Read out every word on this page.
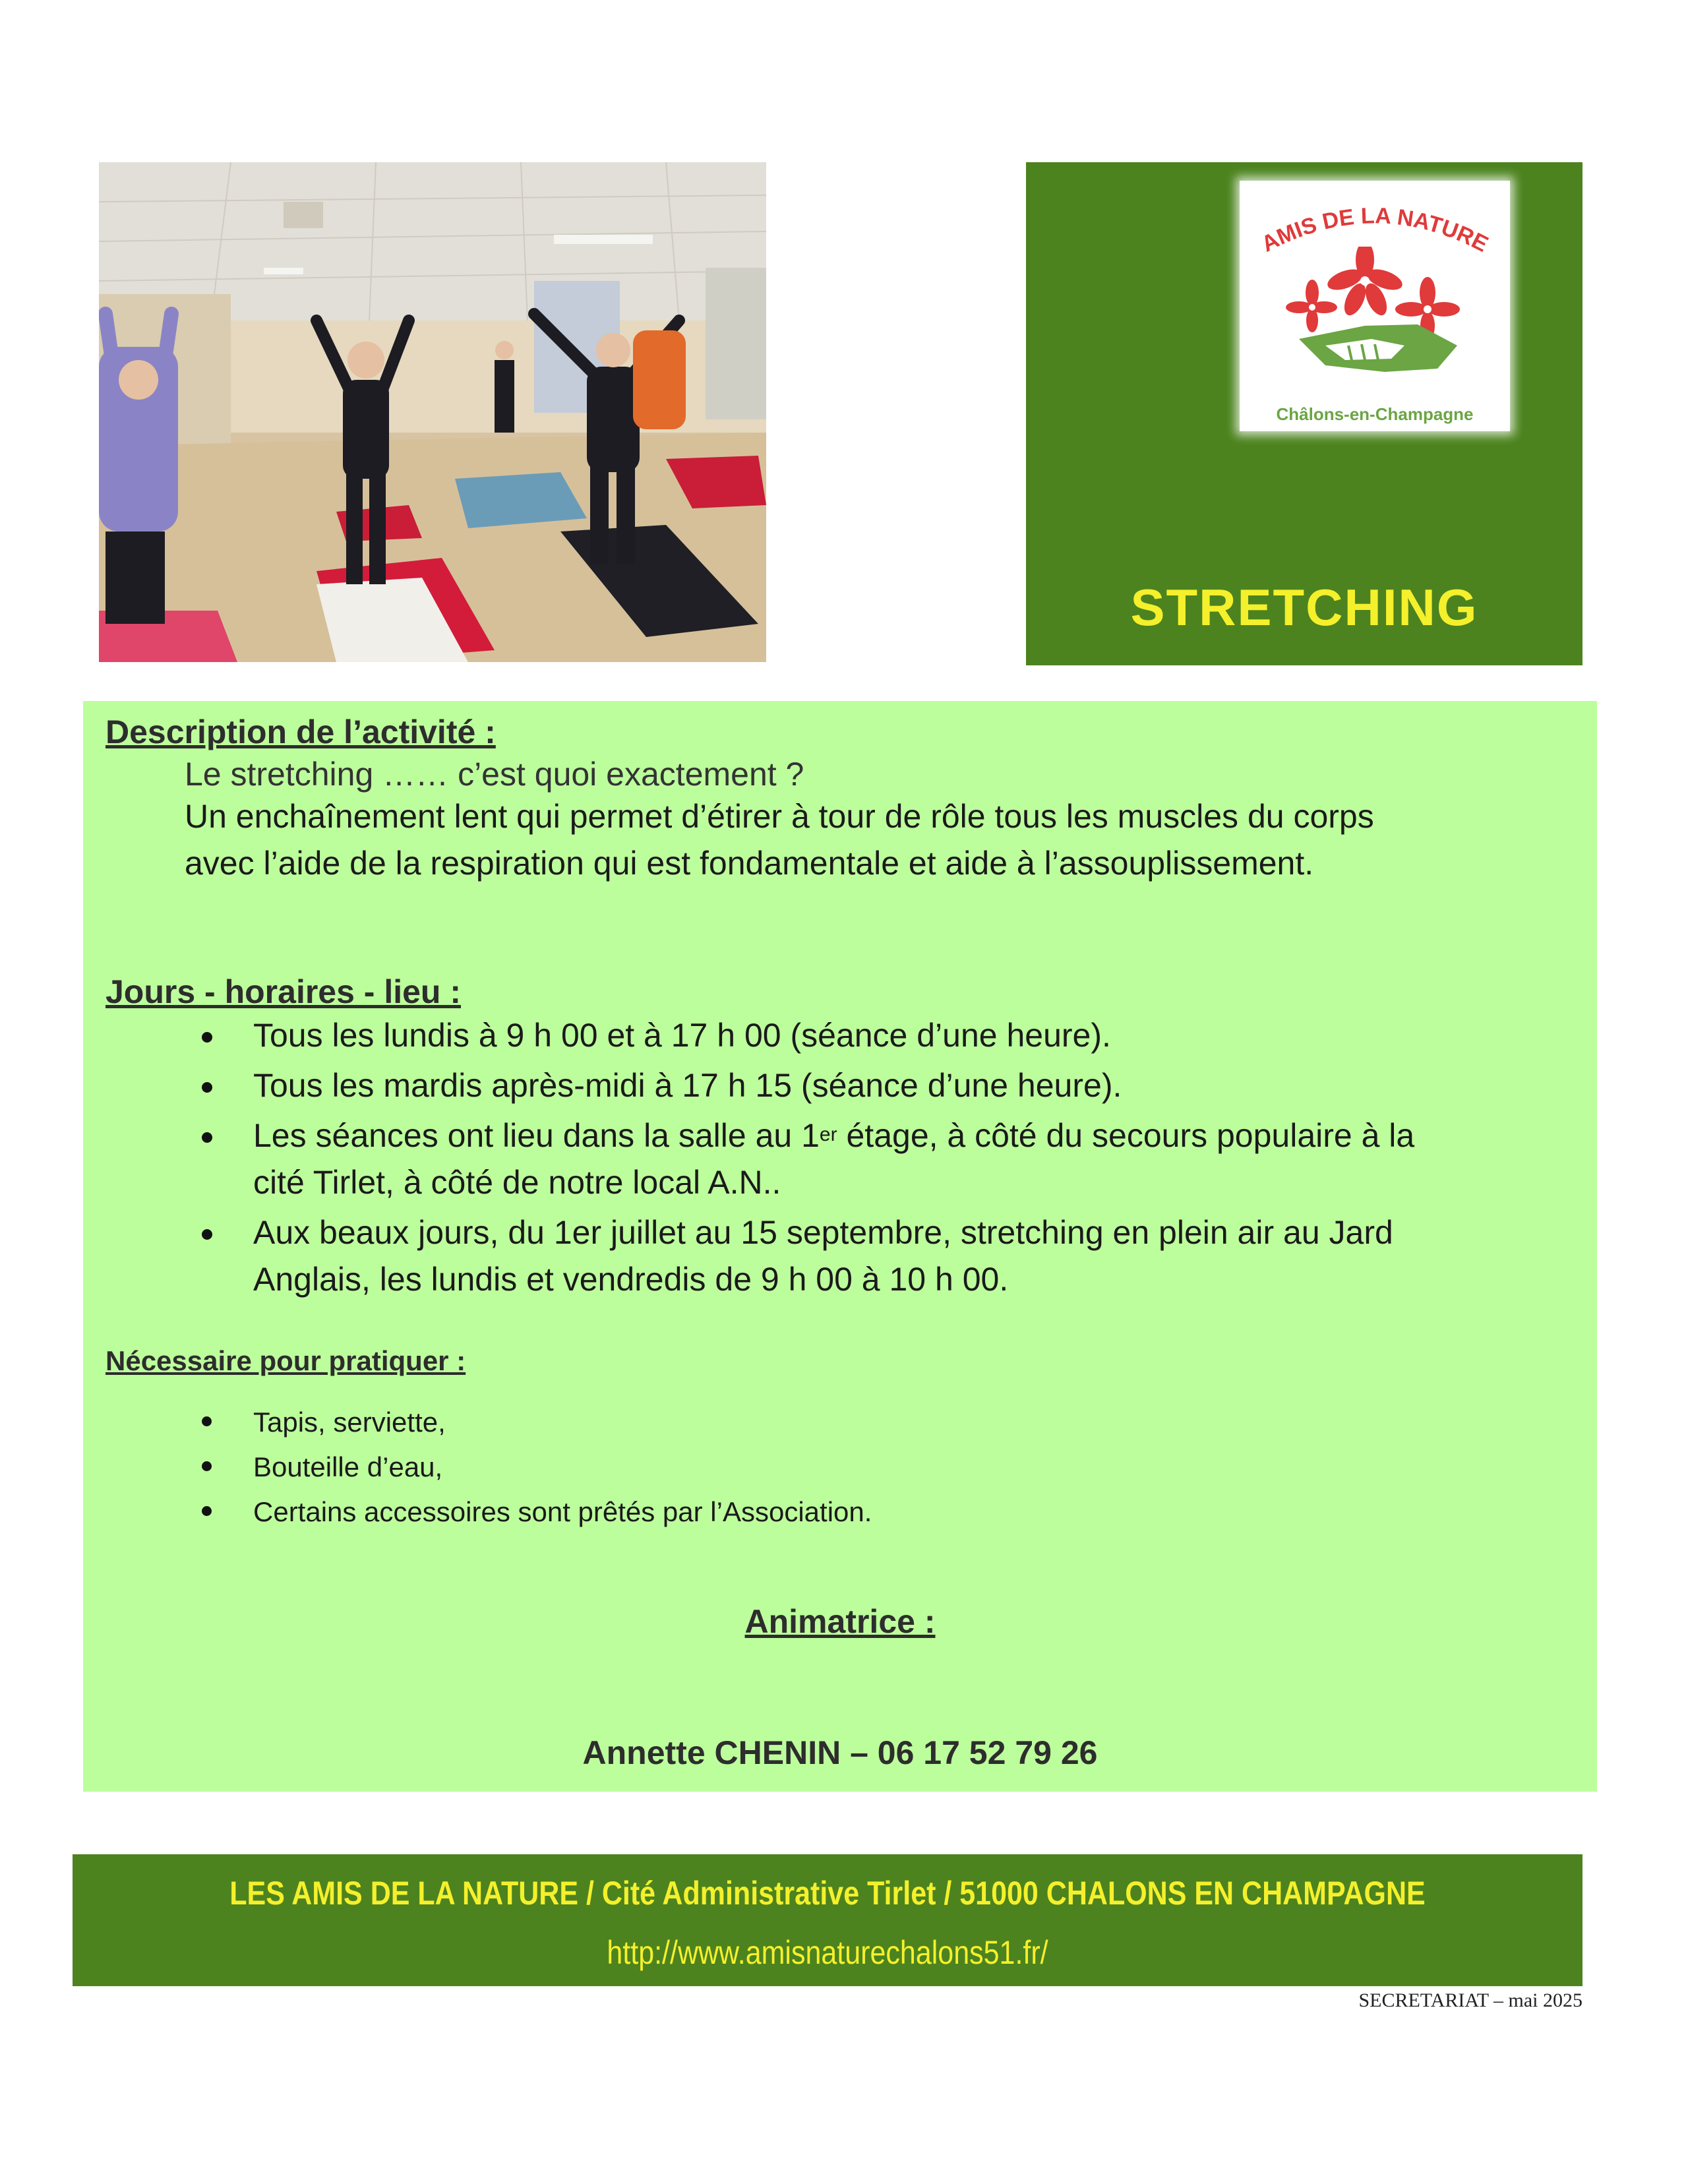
AMIS DE LA NATURE
Châlons-en-Champagne
STRETCHING
Description de l’activité :
Le stretching …… c’est quoi exactement ?
Un enchaînement lent qui permet d’étirer à tour de rôle tous les muscles du corps
avec l’aide de la respiration qui est fondamentale et aide à l’assouplissement.
Jours - horaires - lieu :
Tous les lundis à 9 h 00 et à 17 h 00 (séance d’une heure).
Tous les mardis après-midi à 17 h 15 (séance d’une heure).
Les séances ont lieu dans la salle au 1er étage, à côté du secours populaire à la
cité Tirlet, à côté de notre local A.N..
Aux beaux jours, du 1er juillet au 15 septembre, stretching en plein air au Jard
Anglais, les lundis et vendredis de 9 h 00 à 10 h 00.
Nécessaire pour pratiquer :
Tapis, serviette,
Bouteille d’eau,
Certains accessoires sont prêtés par l’Association.
Animatrice :
Annette CHENIN – 06 17 52 79 26
LES AMIS DE LA NATURE / Cité Administrative Tirlet / 51000 CHALONS EN CHAMPAGNE
http://www.amisnaturechalons51.fr/
SECRETARIAT – mai 2025
